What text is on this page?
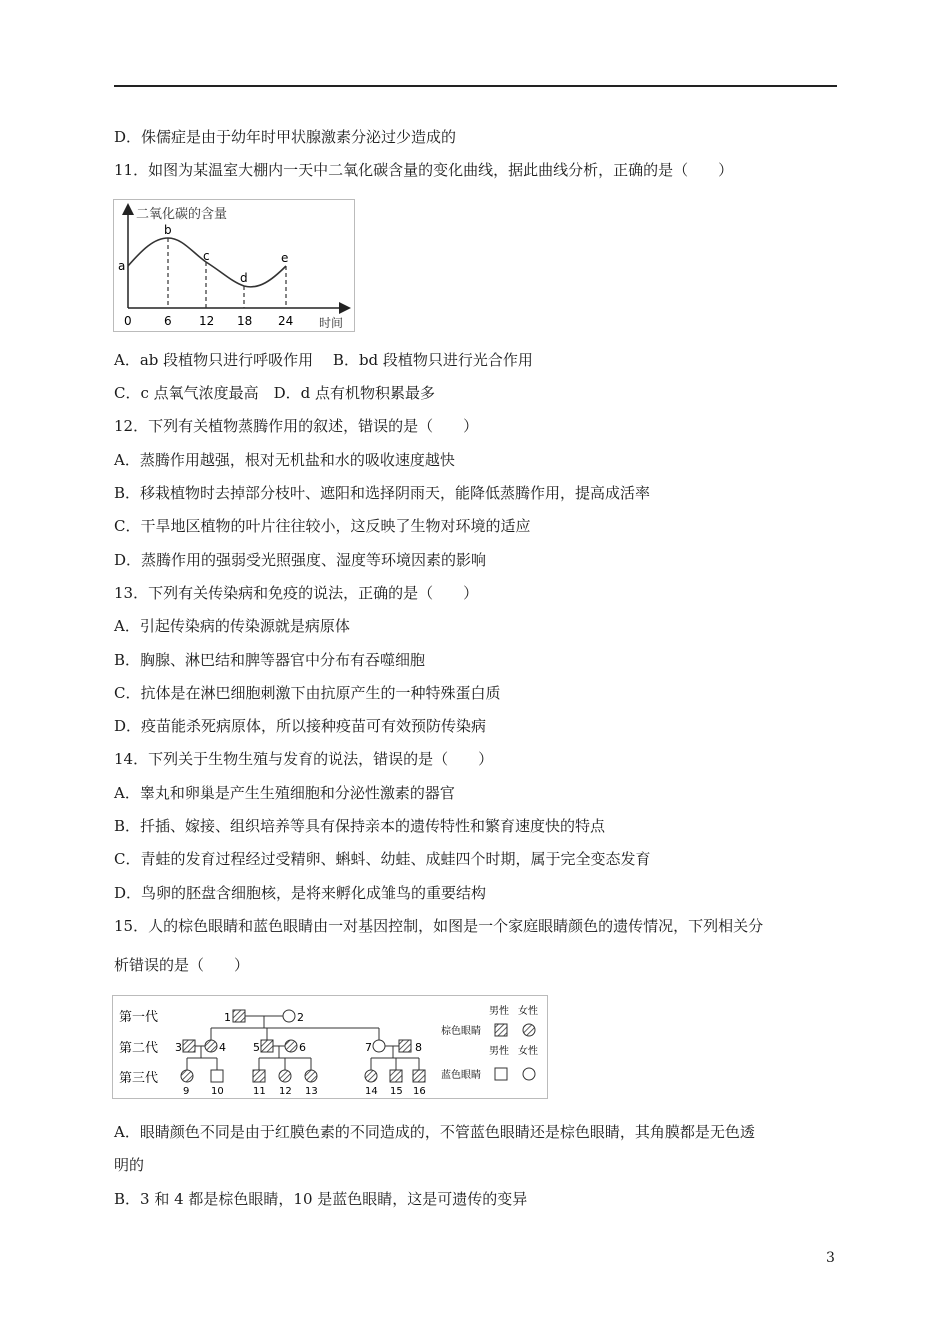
D．侏儒症是由于幼年时甲状腺激素分泌过少造成的
11．如图为某温室大棚内一天中二氧化碳含量的变化曲线，据此曲线分析，正确的是（　　）
二氧化碳的含量
时间
a
b
c
d
e
0	6 12 18 24
A．ab 段植物只进行呼吸作用　 B．bd 段植物只进行光合作用
C．c 点氧气浓度最高　D．d 点有机物积累最多
12．下列有关植物蒸腾作用的叙述，错误的是（　　）
A．蒸腾作用越强，根对无机盐和水的吸收速度越快
B．移栽植物时去掉部分枝叶、遮阳和选择阴雨天，能降低蒸腾作用，提高成活率
C．干旱地区植物的叶片往往较小，这反映了生物对环境的适应
D．蒸腾作用的强弱受光照强度、湿度等环境因素的影响
13．下列有关传染病和免疫的说法，正确的是（　　）
A．引起传染病的传染源就是病原体
B．胸腺、淋巴结和脾等器官中分布有吞噬细胞
C．抗体是在淋巴细胞刺激下由抗原产生的一种特殊蛋白质
D．疫苗能杀死病原体，所以接种疫苗可有效预防传染病
14．下列关于生物生殖与发育的说法，错误的是（　　）
A．睾丸和卵巢是产生生殖细胞和分泌性激素的器官
B．扦插、嫁接、组织培养等具有保持亲本的遗传特性和繁育速度快的特点
C．青蛙的发育过程经过受精卵、蝌蚪、幼蛙、成蛙四个时期，属于完全变态发育
D．鸟卵的胚盘含细胞核，是将来孵化成雏鸟的重要结构
15．人的棕色眼睛和蓝色眼睛由一对基因控制，如图是一个家庭眼睛颜色的遗传情况，下列相关分
析错误的是（　　）
第一代
第二代
第三代
1	2
3	4 5	6	7	8
9 10	11 12 13	14 15 16
男性 女性
棕色眼睛
男性 女性
蓝色眼睛
A．眼睛颜色不同是由于红膜色素的不同造成的，不管蓝色眼睛还是棕色眼睛，其角膜都是无色透
明的
B．3 和 4 都是棕色眼睛，10 是蓝色眼睛，这是可遗传的变异
3
